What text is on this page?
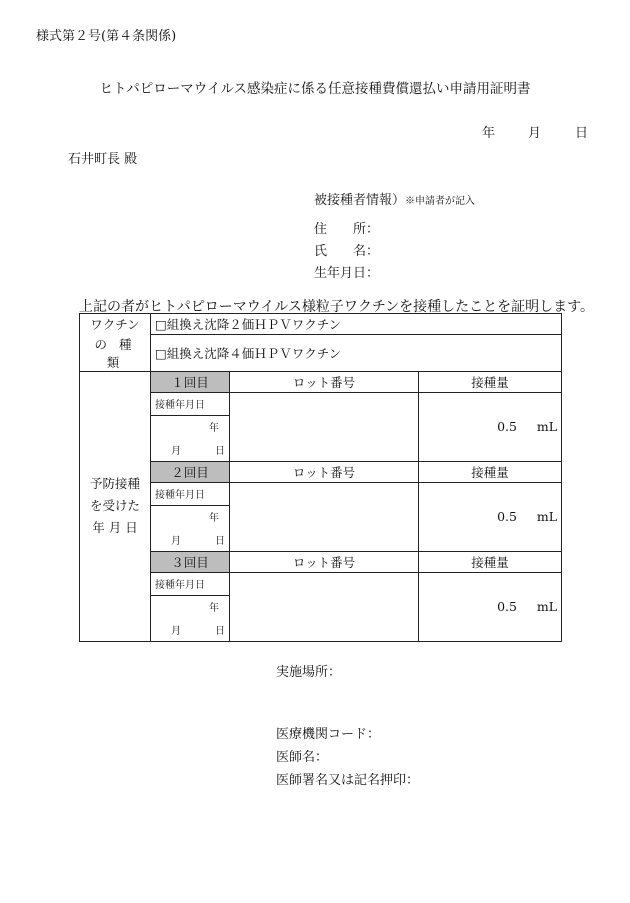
様式第２号(第４条関係)
ヒトパピローマウイルス感染症に係る任意接種費償還払い申請用証明書
年	月	日
石井町長 殿
被接種者情報）※申請者が記入
住　　所：
氏　　名：
生年月日：
上記の者がヒトパピローマウイルス様粒子ワクチンを接種したことを証明します。
ワクチン	□組換え沈降２価ＨＰＶワクチン		
の 種 類	□組換え沈降４価ＨＰＶワクチン		

予防接種
を受けた
年 月 日	１回目	ロット番号	接種量
	接種年月日		0.5 mL
	年		
	月 日		
	２回目	ロット番号	接種量
	接種年月日		0.5 mL
	年		
	月 日		
	３回目	ロット番号	接種量
	接種年月日		0.5 mL
	年		
	月 日		
実施場所：
医療機関コード：
医師名：
医師署名又は記名押印：
